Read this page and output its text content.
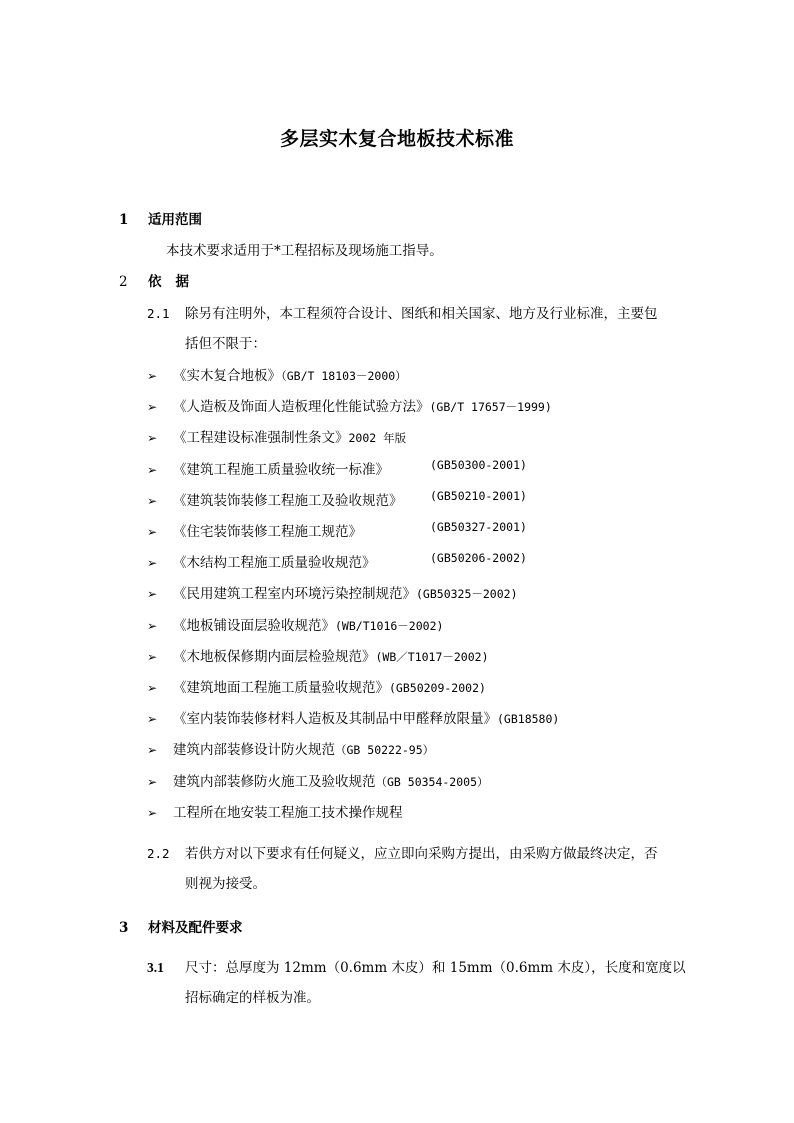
多层实木复合地板技术标准
1 适用范围
本技术要求适用于*工程招标及现场施工指导。
2 依据
2.1 除另有注明外，本工程须符合设计、图纸和相关国家、地方及行业标准，主要包
括但不限于：
➢ 《实木复合地板》（GB/T 18103－2000）
➢ 《人造板及饰面人造板理化性能试验方法》(GB/T 17657－1999)
➢ 《工程建设标准强制性条文》2002 年版
➢ 《建筑工程施工质量验收统一标准》	(GB50300-2001)
➢ 《建筑装饰装修工程施工及验收规范》 (GB50210-2001)
➢ 《住宅装饰装修工程施工规范》	(GB50327-2001)
➢ 《木结构工程施工质量验收规范》	(GB50206-2002)
➢ 《民用建筑工程室内环境污染控制规范》(GB50325－2002)
➢ 《地板铺设面层验收规范》(WB/T1016－2002)
➢ 《木地板保修期内面层检验规范》(WB／T1017－2002)
➢ 《建筑地面工程施工质量验收规范》(GB50209-2002)
➢ 《室内装饰装修材料人造板及其制品中甲醛释放限量》(GB18580)
➢ 建筑内部装修设计防火规范（GB 50222-95）
➢ 建筑内部装修防火施工及验收规范（GB 50354-2005）
➢ 工程所在地安装工程施工技术操作规程
2.2 若供方对以下要求有任何疑义，应立即向采购方提出，由采购方做最终决定，否
则视为接受。
3 材料及配件要求
3.1 尺寸：总厚度为 12mm（0.6mm 木皮）和 15mm（0.6mm 木皮），长度和宽度以
招标确定的样板为准。
